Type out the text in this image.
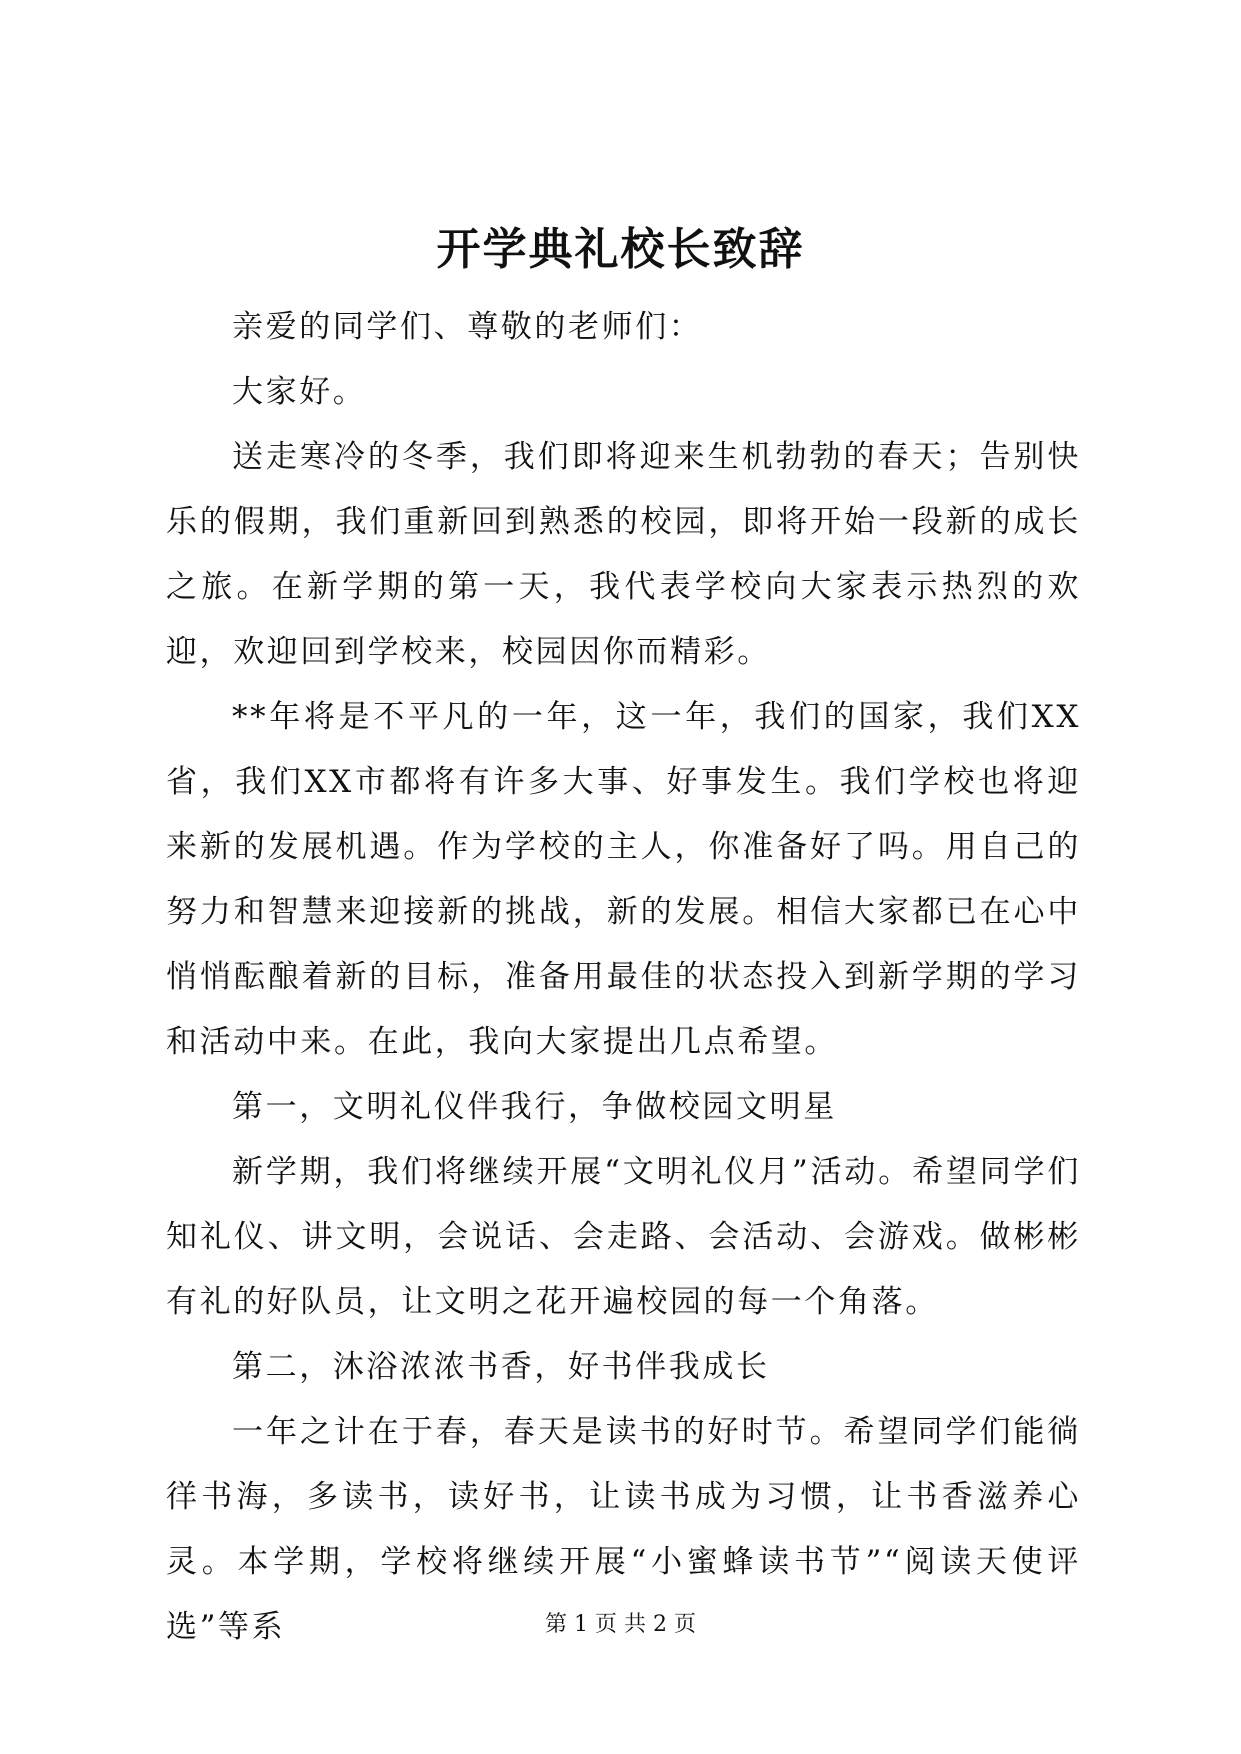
开学典礼校长致辞

亲爱的同学们、尊敬的老师们：

大家好。

送走寒冷的冬季，我们即将迎来生机勃勃的春天；告别快乐的假期，我们重新回到熟悉的校园，即将开始一段新的成长之旅。在新学期的第一天，我代表学校向大家表示热烈的欢迎，欢迎回到学校来，校园因你而精彩。

**年将是不平凡的一年，这一年，我们的国家，我们XX省，我们XX市都将有许多大事、好事发生。我们学校也将迎来新的发展机遇。作为学校的主人，你准备好了吗。用自己的努力和智慧来迎接新的挑战，新的发展。相信大家都已在心中悄悄酝酿着新的目标，准备用最佳的状态投入到新学期的学习和活动中来。在此，我向大家提出几点希望。

第一，文明礼仪伴我行，争做校园文明星

新学期，我们将继续开展“文明礼仪月”活动。希望同学们知礼仪、讲文明，会说话、会走路、会活动、会游戏。做彬彬有礼的好队员，让文明之花开遍校园的每一个角落。

第二，沐浴浓浓书香，好书伴我成长

一年之计在于春，春天是读书的好时节。希望同学们能徜徉书海，多读书，读好书，让读书成为习惯，让书香滋养心灵。本学期，学校将继续开展“小蜜蜂读书节”“阅读天使评选”等系	第 1 页 共 2 页
